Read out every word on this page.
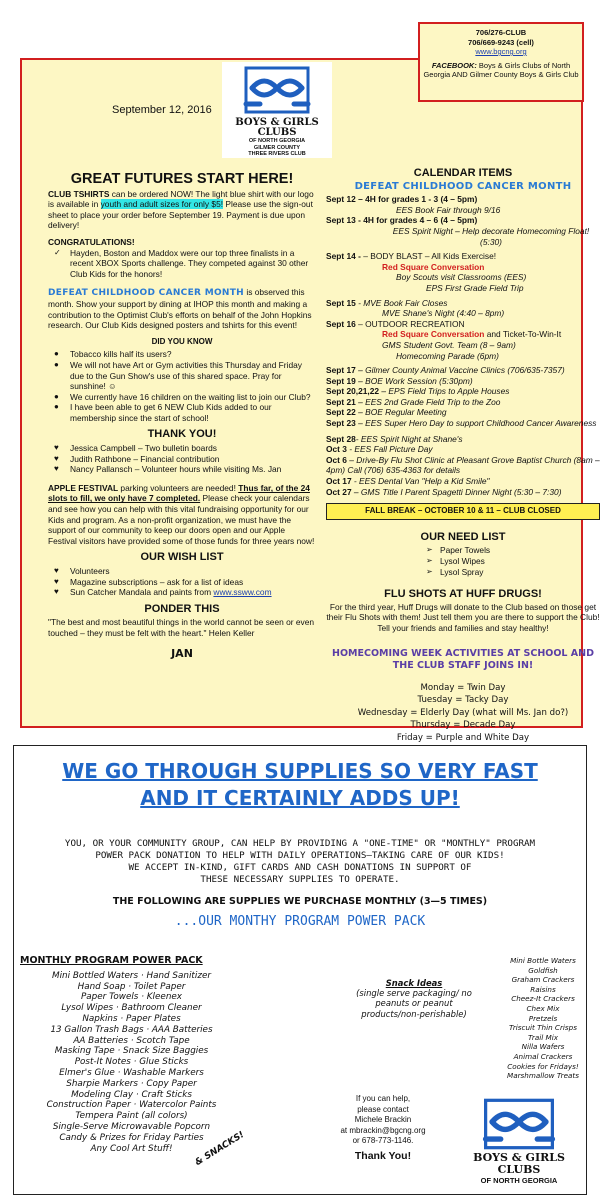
September 12, 2016
BOYS & GIRLS CLUBS
OF NORTH GEORGIA
GILMER COUNTY
THREE RIVERS CLUB
GREAT FUTURES START HERE!

CLUB TSHIRTS can be ordered NOW! The light blue shirt with our logo is available in youth and adult sizes for only $5! Please use the sign-out sheet to place your order before September 19. Payment is due upon delivery!

CONGRATULATIONS!
✓ Hayden, Boston and Maddox were our top three finalists in a recent XBOX Sports challenge. They competed against 30 other Club Kids for the honors!

DEFEAT CHILDHOOD CANCER MONTH is observed this month. Show your support by dining at IHOP this month and making a contribution to the Optimist Club's efforts on behalf of the John Hopkins research. Our Club Kids designed posters and tshirts for this event!

DID YOU KNOW
● Tobacco kills half its users?
● We will not have Art or Gym activities this Thursday and Friday due to the Gun Show's use of this shared space. Pray for sunshine! ☺
● We currently have 16 children on the waiting list to join our Club?
● I have been able to get 6 NEW Club Kids added to our membership since the start of school!
THANK YOU!
♥ Jessica Campbell – Two bulletin boards
♥ Judith Rathbone – Financial contribution
♥ Nancy Pallansch – Volunteer hours while visiting Ms. Jan

APPLE FESTIVAL parking volunteers are needed! Thus far, of the 24 slots to fill, we only have 7 completed. Please check your calendars and see how you can help with this vital fundraising opportunity for our Kids and program. As a non-profit organization, we must have the support of our community to keep our doors open and our Apple Festival visitors have provided some of those funds for three years now!

OUR WISH LIST
♥ Volunteers
♥ Magazine subscriptions – ask for a list of ideas
♥ Sun Catcher Mandala and paints from www.ssww.com
PONDER THIS

"The best and most beautiful things in the world cannot be seen or even touched – they must be felt with the heart." Helen Keller

JAN
CALENDAR ITEMS
DEFEAT CHILDHOOD CANCER MONTH
Sept 12 – 4H for grades 1 - 3 (4 – 5pm)
EES Book Fair through 9/16
Sept 13 - 4H for grades 4 – 6 (4 – 5pm)
EES Spirit Night – Help decorate Homecoming Float! (5:30)
Sept 14 - – BODY BLAST – All Kids Exercise!
Red Square Conversation
Boy Scouts visit Classrooms (EES)
EPS First Grade Field Trip
Sept 15 - MVE Book Fair Closes
MVE Shane's Night (4:40 – 8pm)
Sept 16 – OUTDOOR RECREATION
Red Square Conversation and Ticket-To-Win-It
GMS Student Govt. Team (8 – 9am)
Homecoming Parade (6pm)
Sept 17 – Gilmer County Animal Vaccine Clinics (706/635-7357)
Sept 19 – BOE Work Session (5:30pm)
Sept 20,21,22 – EPS Field Trips to Apple Houses
Sept 21 – EES 2nd Grade Field Trip to the Zoo
Sept 22 – BOE Regular Meeting
Sept 23 – EES Super Hero Day to support Childhood Cancer Awareness
Sept 28- EES Spirit Night at Shane's
Oct 3 - EES Fall Picture Day
Oct 6 – Drive-By Flu Shot Clinic at Pleasant Grove Baptist Church (8am – 4pm) Call (706) 635-4363 for details
Oct 17 - EES Dental Van "Help a Kid Smile"
Oct 27 – GMS Title I Parent Spagetti Dinner Night (5:30 – 7:30)
FALL BREAK – OCTOBER 10 & 11 – CLUB CLOSED
OUR NEED LIST
➢ Paper Towels
➢ Lysol Wipes
➢ Lysol Spray
FLU SHOTS AT HUFF DRUGS!

For the third year, Huff Drugs will donate to the Club based on those get their Flu Shots with them! Just tell them you are there to support the Club! Tell your friends and families and stay healthy!

HOMECOMING WEEK ACTIVITIES AT SCHOOL AND THE CLUB STAFF JOINS IN!
Monday = Twin Day
Tuesday = Tacky Day
Wednesday = Elderly Day (what will Ms. Jan do?)
Thursday = Decade Day
Friday = Purple and White Day
706/276-CLUB
706/669-9243 (cell)
www.bgcng.org
FACEBOOK: Boys & Girls Clubs of North Georgia AND Gilmer County Boys & Girls Club
WE GO THROUGH SUPPLIES SO VERY FAST
AND IT CERTAINLY ADDS UP!
YOU, OR YOUR COMMUNITY GROUP, CAN HELP BY PROVIDING A "ONE-TIME" OR "MONTHLY" PROGRAM
POWER PACK DONATION TO HELP WITH DAILY OPERATIONS—TAKING CARE OF OUR KIDS!
WE ACCEPT IN-KIND, GIFT CARDS AND CASH DONATIONS IN SUPPORT OF
THESE NECESSARY SUPPLIES TO OPERATE.
THE FOLLOWING ARE SUPPLIES WE PURCHASE MONTHLY (3—5 TIMES)
...OUR MONTHY PROGRAM POWER PACK
MONTHLY PROGRAM POWER PACK
Mini Bottled Waters · Hand Sanitizer
Hand Soap · Toilet Paper
Paper Towels · Kleenex
Lysol Wipes · Bathroom Cleaner
Napkins · Paper Plates
13 Gallon Trash Bags · AAA Batteries
AA Batteries · Scotch Tape
Masking Tape · Snack Size Baggies
Post-It Notes · Glue Sticks
Elmer's Glue · Washable Markers
Sharpie Markers · Copy Paper
Modeling Clay · Craft Sticks
Construction Paper · Watercolor Paints
Tempera Paint (all colors)
Single-Serve Microwavable Popcorn
Candy & Prizes for Friday Parties
Any Cool Art Stuff!	& SNACKS!
Snack Ideas
(single serve packaging/ no peanuts or peanut products/non-perishable)
Mini Bottle Waters
Goldfish
Graham Crackers
Raisins
Cheez-It Crackers
Chex Mix
Pretzels
Triscuit Thin Crisps
Trail Mix
Nilla Wafers
Animal Crackers
Cookies for Fridays!
Marshmallow Treats
If you can help,
please contact
Michele Brackin
at mbrackin@bgcng.org
or 678-773-1146.
Thank You!	BOYS & GIRLS CLUBS
OF NORTH GEORGIA
